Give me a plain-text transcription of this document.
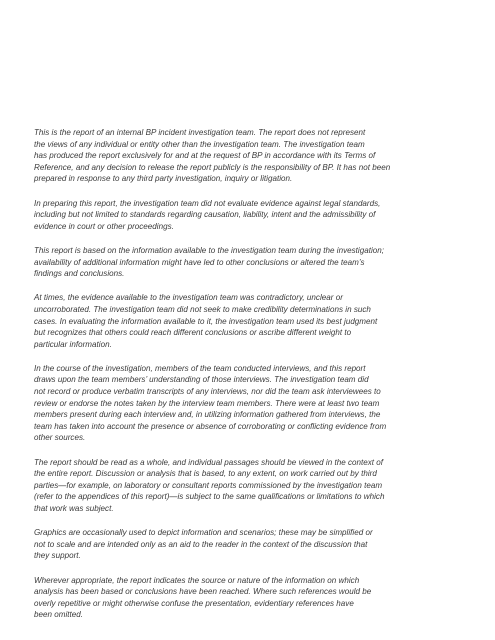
This is the report of an internal BP incident investigation team. The report does not represent
the views of any individual or entity other than the investigation team. The investigation team
has produced the report exclusively for and at the request of BP in accordance with its Terms of
Reference, and any decision to release the report publicly is the responsibility of BP. It has not been
prepared in response to any third party investigation, inquiry or litigation.

In preparing this report, the investigation team did not evaluate evidence against legal standards,
including but not limited to standards regarding causation, liability, intent and the admissibility of
evidence in court or other proceedings.

This report is based on the information available to the investigation team during the investigation;
availability of additional information might have led to other conclusions or altered the team’s
findings and conclusions.

At times, the evidence available to the investigation team was contradictory, unclear or
uncorroborated. The investigation team did not seek to make credibility determinations in such
cases. In evaluating the information available to it, the investigation team used its best judgment
but recognizes that others could reach different conclusions or ascribe different weight to
particular information.

In the course of the investigation, members of the team conducted interviews, and this report
draws upon the team members’ understanding of those interviews. The investigation team did
not record or produce verbatim transcripts of any interviews, nor did the team ask interviewees to
review or endorse the notes taken by the interview team members. There were at least two team
members present during each interview and, in utilizing information gathered from interviews, the
team has taken into account the presence or absence of corroborating or conflicting evidence from
other sources.

The report should be read as a whole, and individual passages should be viewed in the context of
the entire report. Discussion or analysis that is based, to any extent, on work carried out by third
parties—for example, on laboratory or consultant reports commissioned by the investigation team
(refer to the appendices of this report)—is subject to the same qualifications or limitations to which
that work was subject.

Graphics are occasionally used to depict information and scenarios; these may be simplified or
not to scale and are intended only as an aid to the reader in the context of the discussion that
they support.

Wherever appropriate, the report indicates the source or nature of the information on which
analysis has been based or conclusions have been reached. Where such references would be
overly repetitive or might otherwise confuse the presentation, evidentiary references have
been omitted.
